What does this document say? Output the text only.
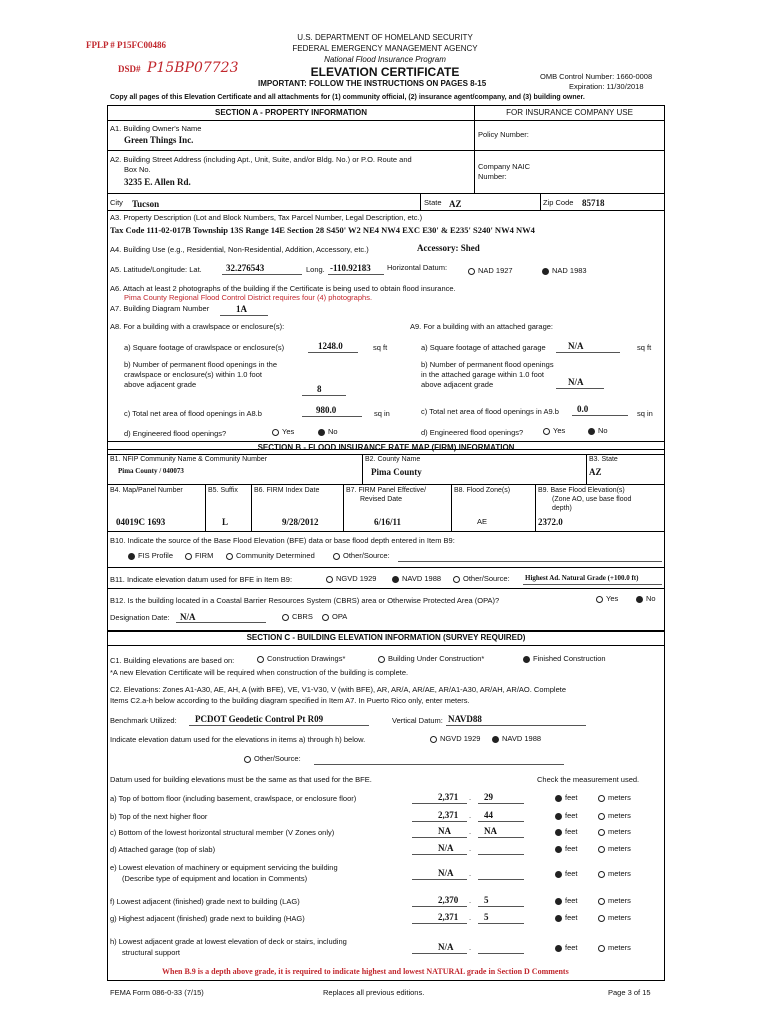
FPLP # P15FC00486
DSD# P15BP07723
U.S. DEPARTMENT OF HOMELAND SECURITY
FEDERAL EMERGENCY MANAGEMENT AGENCY
National Flood Insurance Program
ELEVATION CERTIFICATE
IMPORTANT: FOLLOW THE INSTRUCTIONS ON PAGES 8-15
OMB Control Number: 1660-0008
Expiration: 11/30/2018
Copy all pages of this Elevation Certificate and all attachments for (1) community official, (2) insurance agent/company, and (3) building owner.
SECTION A - PROPERTY INFORMATION	FOR INSURANCE COMPANY USE
A1. Building Owner's Name
Green Things Inc.
Policy Number:
A2. Building Street Address (including Apt., Unit, Suite, and/or Bldg. No.) or P.O. Route and
Box No.
3235 E. Allen Rd.
Company NAIC
Number:
City Tucson	State AZ	Zip Code 85718
A3. Property Description (Lot and Block Numbers, Tax Parcel Number, Legal Description, etc.)
Tax Code 111-02-017B Township 13S Range 14E Section 28 S450' W2 NE4 NW4 EXC E30' & E235' S240' NW4 NW4
A4. Building Use (e.g., Residential, Non-Residential, Addition, Accessory, etc.)	Accessory: Shed
A5. Latitude/Longitude: Lat.	32.276543	Long. -110.92183 Horizontal Datum:	NAD 1927	NAD 1983
A6. Attach at least 2 photographs of the building if the Certificate is being used to obtain flood insurance.
Pima County Regional Flood Control District requires four (4) photographs.
A7. Building Diagram Number	1A
A8. For a building with a crawlspace or enclosure(s):	A9. For a building with an attached garage:
a) Square footage of crawlspace or enclosure(s)	1248.0	sq ft
b) Number of permanent flood openings in the
crawlspace or enclosure(s) within 1.0 foot
above adjacent grade	8
c) Total net area of flood openings in A8.b	980.0	sq in
d) Engineered flood openings?	Yes	No
a) Square footage of attached garage N/A	sq ft
b) Number of permanent flood openings
in the attached garage within 1.0 foot
above adjacent grade	N/A
c) Total net area of flood openings in A9.b 0.0	sq in
d) Engineered flood openings?	Yes	No
SECTION B - FLOOD INSURANCE RATE MAP (FIRM) INFORMATION
B1. NFIP Community Name & Community Number
Pima County / 040073
B2. County Name
Pima County
B3. State
AZ
B4. Map/Panel Number
04019C 1693
B5. Suffix
L
B6. FIRM Index Date
9/28/2012
B7. FIRM Panel Effective/
Revised Date
6/16/11
B8. Flood Zone(s)
AE
B9. Base Flood Elevation(s)
(Zone AO, use base flood
depth)
2372.0
B10. Indicate the source of the Base Flood Elevation (BFE) data or base flood depth entered in Item B9:
FIS Profile	FIRM	Community Determined	Other/Source:
B11. Indicate elevation datum used for BFE in Item B9:	NGVD 1929	NAVD 1988	Other/Source: Highest Ad. Natural Grade (+100.0 ft)
B12. Is the building located in a Coastal Barrier Resources System (CBRS) area or Otherwise Protected Area (OPA)?	Yes	No
Designation Date: N/A	CBRS	OPA
SECTION C - BUILDING ELEVATION INFORMATION (SURVEY REQUIRED)
C1. Building elevations are based on:	Construction Drawings*	Building Under Construction*	Finished Construction
*A new Elevation Certificate will be required when construction of the building is complete.
C2. Elevations: Zones A1-A30, AE, AH, A (with BFE), VE, V1-V30, V (with BFE), AR, AR/A, AR/AE, AR/A1-A30, AR/AH, AR/AO. Complete
Items C2.a-h below according to the building diagram specified in Item A7. In Puerto Rico only, enter meters.
Benchmark Utilized: PCDOT Geodetic Control Pt R09	Vertical Datum: NAVD88
Indicate elevation datum used for the elevations in items a) through h) below.	NGVD 1929	NAVD 1988
Other/Source:
Datum used for building elevations must be the same as that used for the BFE.	Check the measurement used.
a) Top of bottom floor (including basement, crawlspace, or enclosure floor)	2,371 . 29	feet	meters
b) Top of the next higher floor	2,371 . 44	feet	meters
c) Bottom of the lowest horizontal structural member (V Zones only)	NA . NA	feet	meters
d) Attached garage (top of slab)	N/A .	feet	meters
e) Lowest elevation of machinery or equipment servicing the building
(Describe type of equipment and location in Comments)
N/A .	feet	meters
f) Lowest adjacent (finished) grade next to building (LAG)	2,370 . 5	feet	meters
g) Highest adjacent (finished) grade next to building (HAG)	2,371 . 5	feet	meters
h) Lowest adjacent grade at lowest elevation of deck or stairs, including
structural support
N/A .	feet	meters
When B.9 is a depth above grade, it is required to indicate highest and lowest NATURAL grade in Section D Comments
FEMA Form 086-0-33 (7/15)	Replaces all previous editions.	Page 3 of 15
